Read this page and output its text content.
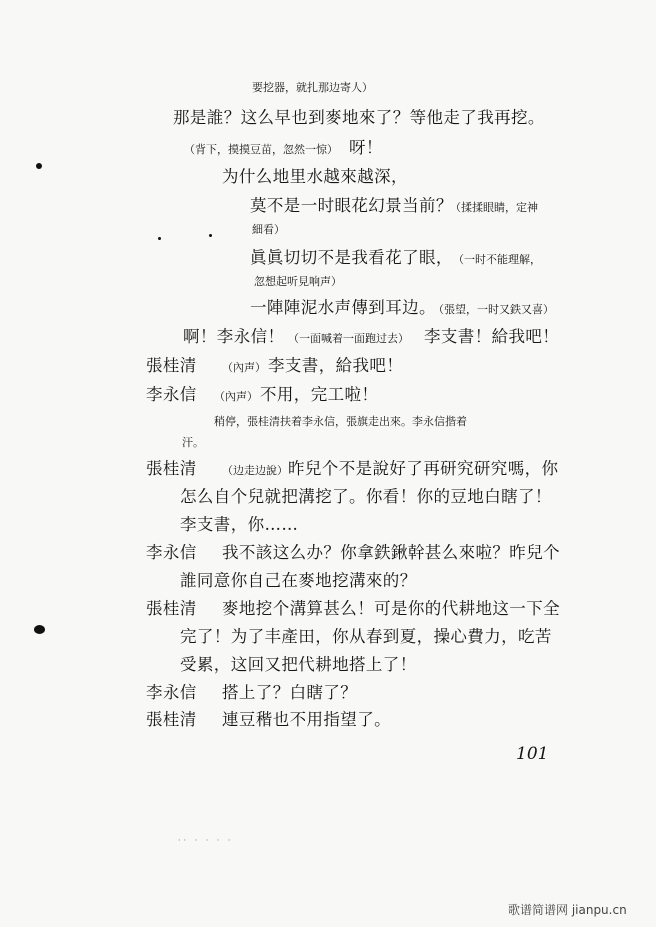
要挖器，就扎那边寄人）
那是誰？这么早也到麥地來了？等他走了我再挖。
（背下，摸摸豆苗，忽然一惊） 呀！
为什么地里水越來越深，
莫不是一时眼花幻景当前？
（揉揉眼睛，定神
細看）
眞眞切切不是我看花了眼， （一时不能理解，
忽想起听見响声）
一陣陣泥水声傳到耳边。
（張望，一时又鉄又喜）
啊！李永信！ （一面喊着一面跑过去） 李支書！給我吧！
張桂清 （內声） 李支書，給我吧！
李永信 （內声） 不用，完工啦！
稍停，張桂清扶着李永信，張旗走出來。李永信揩着
汗。
張桂清 （边走边說） 昨兒个不是說好了再研究研究嗎，你
怎么自个兒就把溝挖了。你看！你的豆地白瞎了！
李支書，你……
李永信 我不該这么办？你拿鉄鍬幹甚么來啦？昨兒个
誰同意你自己在麥地挖溝來的？
張桂清 麥地挖个溝算甚么！可是你的代耕地这一下全
完了！为了丰產田，你从春到夏，操心費力，吃苦
受累，这回又把代耕地搭上了！
李永信 搭上了？白瞎了？
張桂清 連豆稭也不用指望了。
101
·· · · · ·
歌谱简谱网 jianpu.cn
